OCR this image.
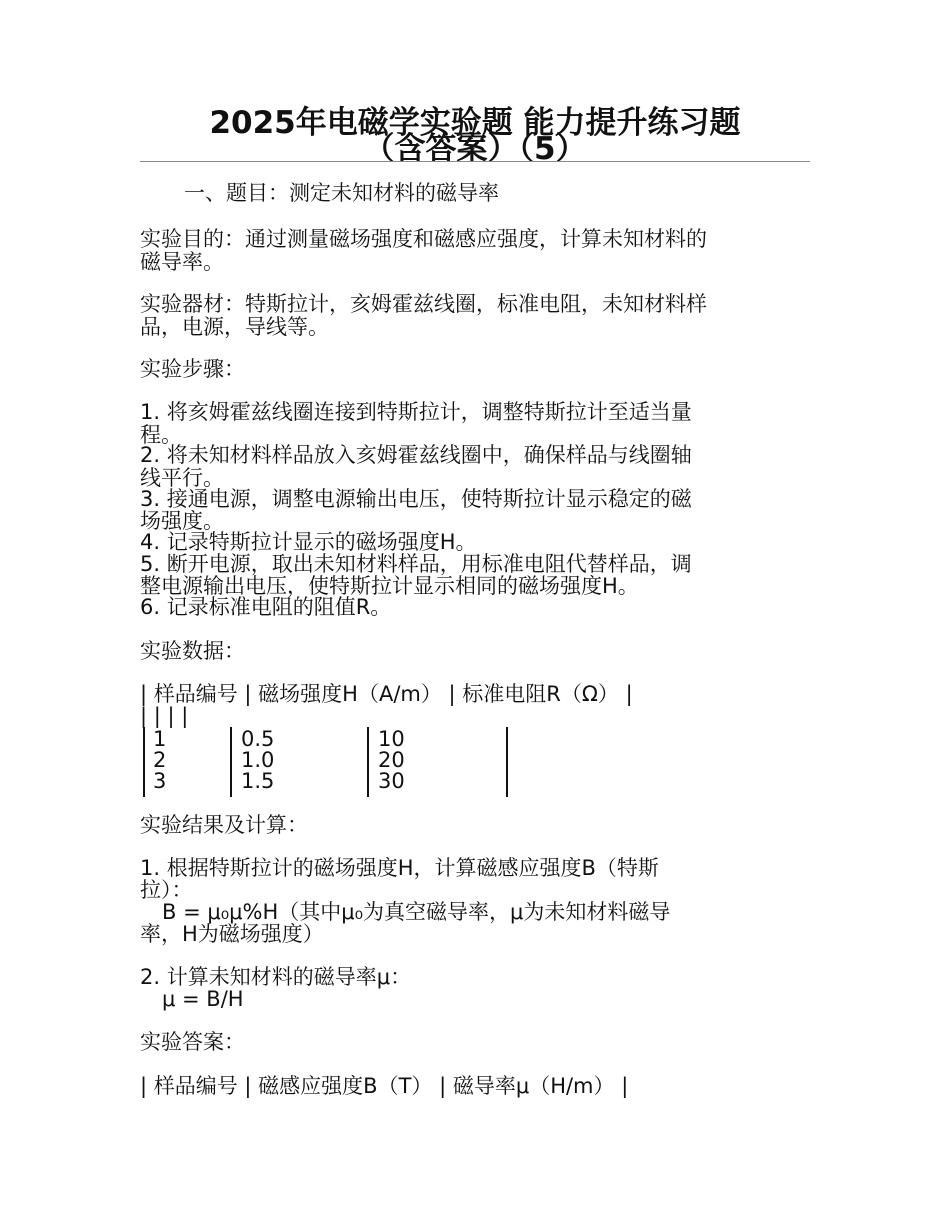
2025年电磁学实验题 能力提升练习题
（含答案）（5）

一、题目：测定未知材料的磁导率

实验目的：通过测量磁场强度和磁感应强度，计算未知材料的

磁导率。

实验器材：特斯拉计，亥姆霍兹线圈，标准电阻，未知材料样

品，电源，导线等。

实验步骤：

1. 将亥姆霍兹线圈连接到特斯拉计，调整特斯拉计至适当量

程。

2. 将未知材料样品放入亥姆霍兹线圈中，确保样品与线圈轴

线平行。

3. 接通电源，调整电源输出电压，使特斯拉计显示稳定的磁

场强度。

4. 记录特斯拉计显示的磁场强度H。

5. 断开电源，取出未知材料样品，用标准电阻代替样品，调

整电源输出电压，使特斯拉计显示相同的磁场强度H。

6. 记录标准电阻的阻值R。

实验数据：

| 样品编号 | 磁场强度H（A/m） | 标准电阻R（Ω） |

| | | |

1	0.5	10
2	1.0	20
3	1.5	30

实验结果及计算：

1. 根据特斯拉计的磁场强度H，计算磁感应强度B（特斯

拉）：

B = μ₀μ%H（其中μ₀为真空磁导率，μ为未知材料磁导

率，H为磁场强度）

2. 计算未知材料的磁导率μ：

μ = B/H

实验答案：

| 样品编号 | 磁感应强度B（T） | 磁导率μ（H/m） |
